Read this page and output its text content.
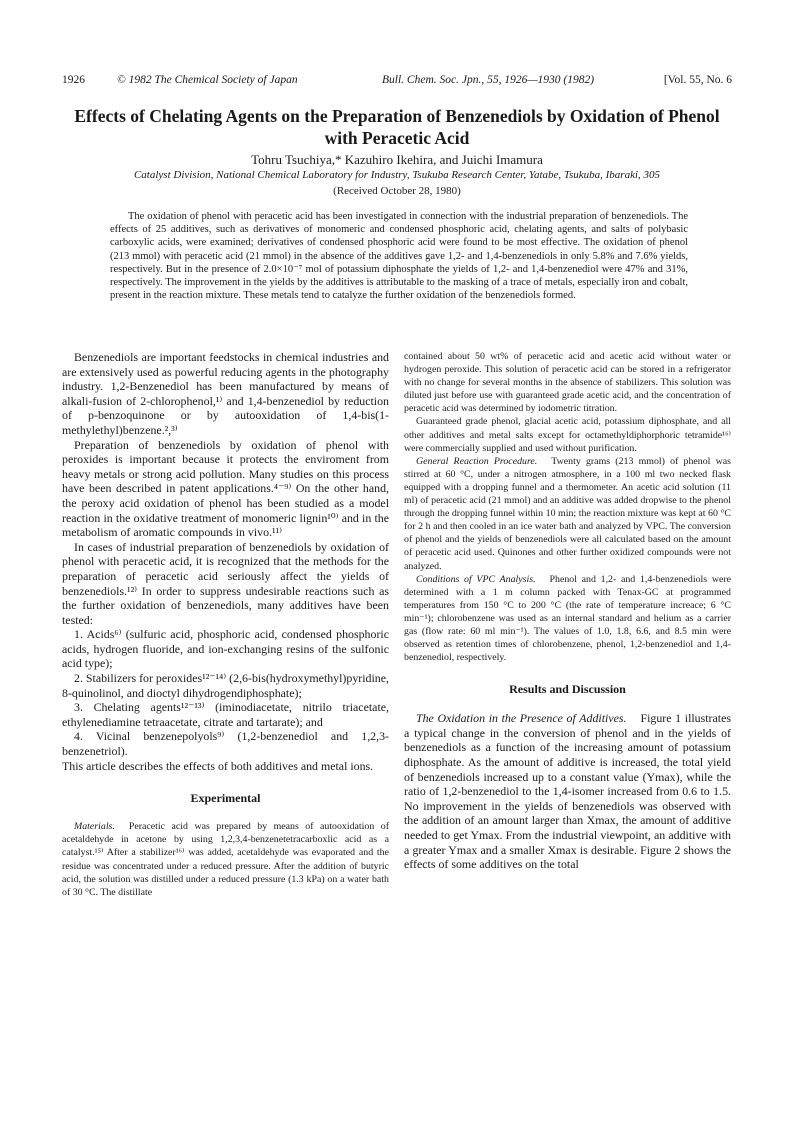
1926	© 1982 The Chemical Society of Japan	Bull. Chem. Soc. Jpn., 55, 1926—1930 (1982)	[Vol. 55, No. 6
Effects of Chelating Agents on the Preparation of Benzenediols by Oxidation of Phenol with Peracetic Acid
Tohru Tsuchiya,* Kazuhiro Ikehira, and Juichi Imamura
Catalyst Division, National Chemical Laboratory for Industry, Tsukuba Research Center, Yatabe, Tsukuba, Ibaraki, 305
(Received October 28, 1980)

The oxidation of phenol with peracetic acid has been investigated in connection with the industrial preparation of benzenediols. The effects of 25 additives, such as derivatives of monomeric and condensed phosphoric acid, chelating agents, and salts of polybasic carboxylic acids, were examined; derivatives of condensed phosphoric acid were found to be most effective. The oxidation of phenol (213 mmol) with peracetic acid (21 mmol) in the absence of the additives gave 1,2- and 1,4-benzenediols in only 5.8% and 7.6% yields, respectively. But in the presence of 2.0×10⁻⁷ mol of potassium diphosphate the yields of 1,2- and 1,4-benzenediol were 47% and 31%, respectively. The improvement in the yields by the additives is attributable to the masking of a trace of metals, especially iron and cobalt, present in the reaction mixture. These metals tend to catalyze the further oxidation of the benzenediols formed.

Benzenediols are important feedstocks in chemical industries and are extensively used as powerful reducing agents in the photography industry. 1,2-Benzenediol has been manufactured by means of alkali-fusion of 2-chlorophenol,¹⁾ and 1,4-benzenediol by reduction of p-benzoquinone or by autooxidation of 1,4-bis(1-methylethyl)benzene.²,³⁾

Preparation of benzenediols by oxidation of phenol with peroxides is important because it protects the enviroment from heavy metals or strong acid pollution. Many studies on this process have been described in patent applications.⁴⁻⁹⁾ On the other hand, the peroxy acid oxidation of phenol has been studied as a model reaction in the oxidative treatment of monomeric lignin¹⁰⁾ and in the metabolism of aromatic compounds in vivo.¹¹⁾

In cases of industrial preparation of benzenediols by oxidation of phenol with peracetic acid, it is recognized that the methods for the preparation of peracetic acid seriously affect the yields of benzenediols.¹²⁾ In order to suppress undesirable reactions such as the further oxidation of benzenediols, many additives have been tested:

1. Acids⁶⁾ (sulfuric acid, phosphoric acid, condensed phosphoric acids, hydrogen fluoride, and ion-exchanging resins of the sulfonic acid type);

2. Stabilizers for peroxides¹²⁻¹⁴⁾ (2,6-bis(hydroxymethyl)pyridine, 8-quinolinol, and dioctyl dihydrogendiphosphate);

3. Chelating agents¹²⁻¹³⁾ (iminodiacetate, nitrilo triacetate, ethylenediamine tetraacetate, citrate and tartarate); and

4. Vicinal benzenepolyols⁹⁾ (1,2-benzenediol and 1,2,3-benzenetriol).

This article describes the effects of both additives and metal ions.

Experimental

Materials. Peracetic acid was prepared by means of autooxidation of acetaldehyde in acetone by using 1,2,3,4-benzenetetracarboxlic acid as a catalyst.¹⁵⁾ After a stabilizer¹⁶⁾ was added, acetaldehyde was evaporated and the residue was concentrated under a reduced pressure. After the addition of butyric acid, the solution was distilled under a reduced pressure (1.3 kPa) on a water bath of 30 °C. The distillate

contained about 50 wt% of peracetic acid and acetic acid without water or hydrogen peroxide. This solution of peracetic acid can be stored in a refrigerator with no change for several months in the absence of stabilizers. This solution was diluted just before use with guaranteed grade acetic acid, and the concentration of peracetic acid was determined by iodometric titration.

Guaranteed grade phenol, glacial acetic acid, potassium diphosphate, and all other additives and metal salts except for octamethyldiphorphoric tetramide¹⁶⁾ were commercially supplied and used without purification.

General Reaction Procedure. Twenty grams (213 mmol) of phenol was stirred at 60 °C, under a nitrogen atmosphere, in a 100 ml two necked flask equipped with a dropping funnel and a thermometer. An acetic acid solution (11 ml) of peracetic acid (21 mmol) and an additive was added dropwise to the phenol through the dropping funnel within 10 min; the reaction mixture was kept at 60 °C for 2 h and then cooled in an ice water bath and analyzed by VPC. The conversion of phenol and the yields of benzenediols were all calculated based on the amount of peracetic acid used. Quinones and other further oxidized compounds were not analyzed.

Conditions of VPC Analysis. Phenol and 1,2- and 1,4-benzenediols were determined with a 1 m column packed with Tenax-GC at programmed temperatures from 150 °C to 200 °C (the rate of temperature increace; 6 °C min⁻¹); chlorobenzene was used as an internal standard and helium as a carrier gas (flow rate: 60 ml min⁻¹). The values of 1.0, 1.8, 6.6, and 8.5 min were observed as retention times of chlorobenzene, phenol, 1,2-benzenediol and 1,4-benzenediol, respectively.

Results and Discussion

The Oxidation in the Presence of Additives. Figure 1 illustrates a typical change in the conversion of phenol and in the yields of benzenediols as a function of the increasing amount of potassium diphosphate. As the amount of additive is increased, the total yield of benzenediols increased up to a constant value (Ymax), while the ratio of 1,2-benzenediol to the 1,4-isomer increased from 0.6 to 1.5. No improvement in the yields of benzenediols was observed with the addition of an amount larger than Xmax, the amount of additive needed to get Ymax. From the industrial viewpoint, an additive with a greater Ymax and a smaller Xmax is desirable. Figure 2 shows the effects of some additives on the total
